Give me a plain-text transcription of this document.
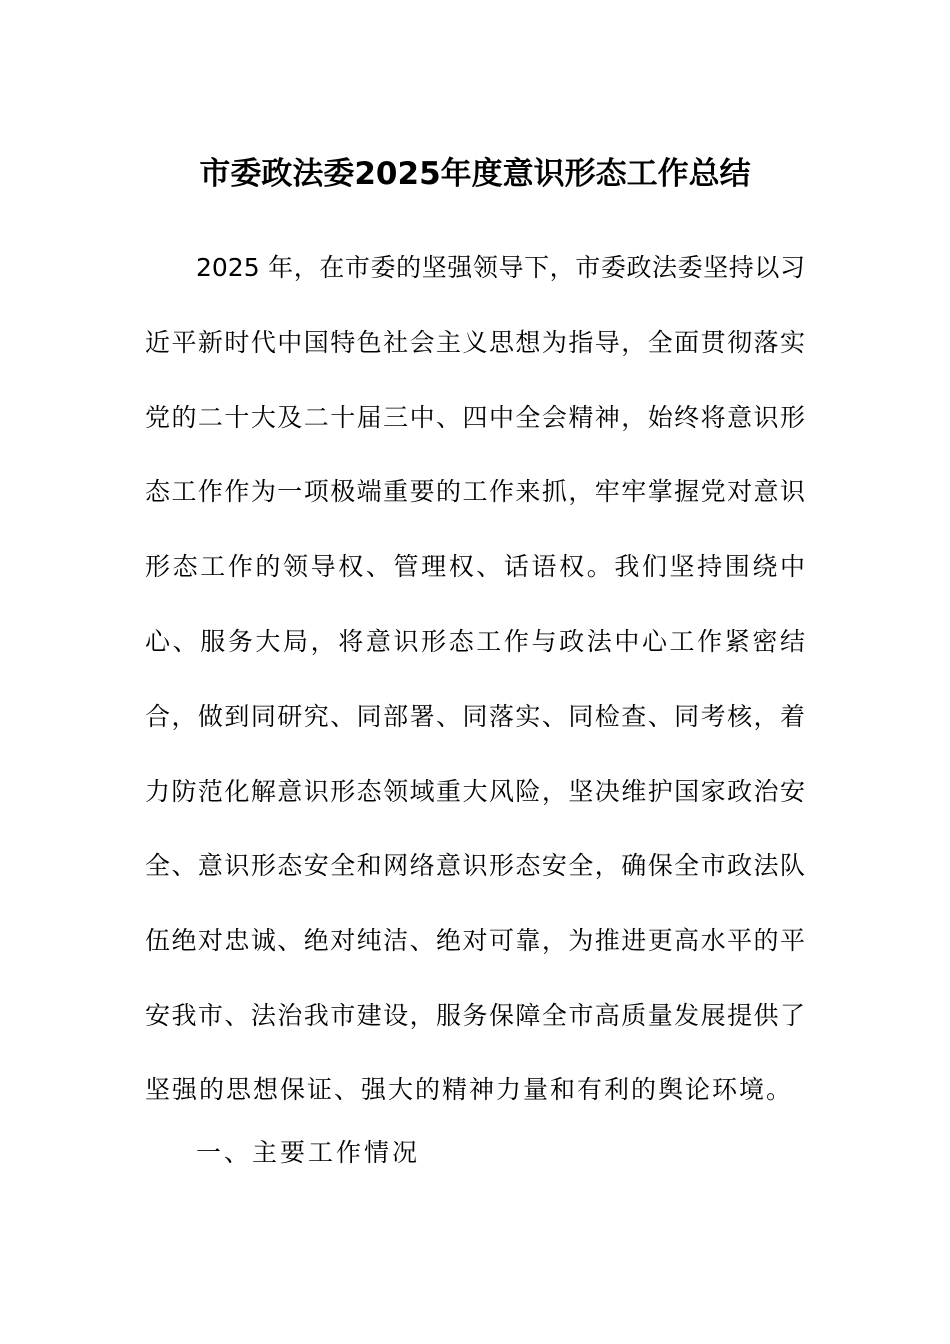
市委政法委2025年度意识形态工作总结
2025 年，在市委的坚强领导下，市委政法委坚持以习
近平新时代中国特色社会主义思想为指导，全面贯彻落实
党的二十大及二十届三中、四中全会精神，始终将意识形
态工作作为一项极端重要的工作来抓，牢牢掌握党对意识
形态工作的领导权、管理权、话语权。我们坚持围绕中
心、服务大局，将意识形态工作与政法中心工作紧密结
合，做到同研究、同部署、同落实、同检查、同考核，着
力防范化解意识形态领域重大风险，坚决维护国家政治安
全、意识形态安全和网络意识形态安全，确保全市政法队
伍绝对忠诚、绝对纯洁、绝对可靠，为推进更高水平的平
安我市、法治我市建设，服务保障全市高质量发展提供了
坚强的思想保证、强大的精神力量和有利的舆论环境。
一、主要工作情况
